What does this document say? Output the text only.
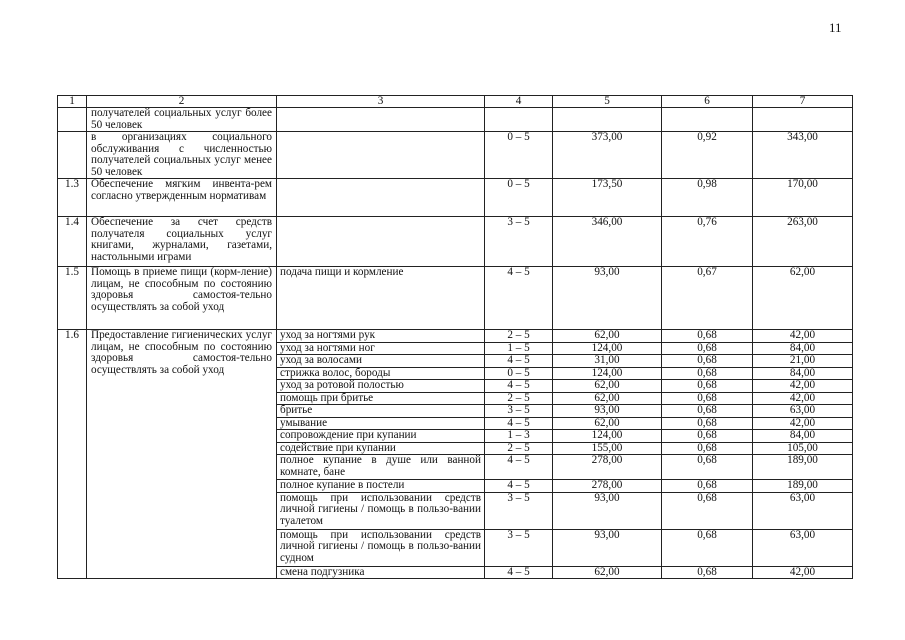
11
1	2	3	4	5	6	7
	получателей социальных услуг более 50 человек					
	в организациях социального обслуживания с численностью получателей социальных услуг менее 50 человек		0 – 5	373,00	0,92	343,00
1.3	Обеспечение мягким инвента-рем согласно утвержденным нормативам		0 – 5	173,50	0,98	170,00
1.4	Обеспечение за счет средств получателя социальных услуг книгами, журналами, газетами, настольными играми		3 – 5	346,00	0,76	263,00
1.5	Помощь в приеме пищи (корм-ление) лицам, не способным по состоянию здоровья самостоя-тельно осуществлять за собой уход	подача пищи и кормление	4 – 5	93,00	0,67	62,00
1.6	Предоставление гигиенических услуг лицам, не способным по состоянию здоровья самостоя-тельно осуществлять за собой уход	уход за ногтями рук	2 – 5	62,00	0,68	42,00
		уход за ногтями ног	1 – 5	124,00	0,68	84,00
		уход за волосами	4 – 5	31,00	0,68	21,00
		стрижка волос, бороды	0 – 5	124,00	0,68	84,00
		уход за ротовой полостью	4 – 5	62,00	0,68	42,00
		помощь при бритье	2 – 5	62,00	0,68	42,00
		бритье	3 – 5	93,00	0,68	63,00
		умывание	4 – 5	62,00	0,68	42,00
		сопровождение при купании	1 – 3	124,00	0,68	84,00
		содействие при купании	2 – 5	155,00	0,68	105,00
		полное купание в душе или ванной комнате, бане	4 – 5	278,00	0,68	189,00
		полное купание в постели	4 – 5	278,00	0,68	189,00
		помощь при использовании средств личной гигиены / помощь в пользо-вании туалетом	3 – 5	93,00	0,68	63,00
		помощь при использовании средств личной гигиены / помощь в пользо-вании судном	3 – 5	93,00	0,68	63,00
		смена подгузника	4 – 5	62,00	0,68	42,00
